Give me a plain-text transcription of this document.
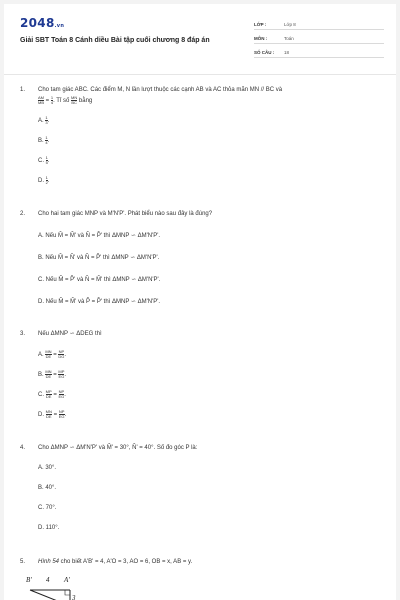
2048.vn
Giải SBT Toán 8 Cánh diều Bài tập cuối chương 8 đáp án
LỚP :	Lớp 8
MÔN :	Toán
SỐ CÂU :	18
1.	Cho tam giác ABC. Các điểm M, N lần lượt thuộc các cạnh AB và AC thỏa mãn MN // BC và
$\frac{AM}{MB} = \frac{1}{4}$ . Tỉ số $\frac{MN}{BC}$ bằng
A. $\frac{1}{3}$ .
B. $\frac{1}{4}$ .
C. $\frac{1}{5}$ .
D. $\frac{1}{2}$ .
2.	Cho hai tam giác MNP và M'N'P'. Phát biểu nào sau đây là đúng?
A. Nếu M̂ = M̂' và N̂ = P̂' thì ΔMNP ∽ ΔM'N'P'.
B. Nếu M̂ = N̂' và N̂ = P̂' thì ΔMNP ∽ ΔM'N'P'.
C. Nếu M̂ = P̂' và N̂ = M̂' thì ΔMNP ∽ ΔM'N'P'.
D. Nếu M̂ = M̂' và P̂ = P̂' thì ΔMNP ∽ ΔM'N'P'.
3.	Nếu ΔMNP ∽ ΔDEG thì
A. $\frac{MN}{DE} = \frac{NP}{DG}$ .
B. $\frac{MN}{DE} = \frac{MP}{EG}$ .
C. $\frac{MP}{DE} = \frac{NP}{EG}$ .
D. $\frac{MN}{DE} = \frac{NP}{EG}$ .
4.	Cho ΔMNP ∽ ΔM'N'P' và M̂' = 30°, N̂' = 40°. Số đo góc P là:
A. 30°.
B. 40°.
C. 70°.
D. 110°.
5.	Hình 54 cho biết A'B' = 4, A'O = 3, AO = 6, OB = x, AB = y.
B' 4 A'
3
